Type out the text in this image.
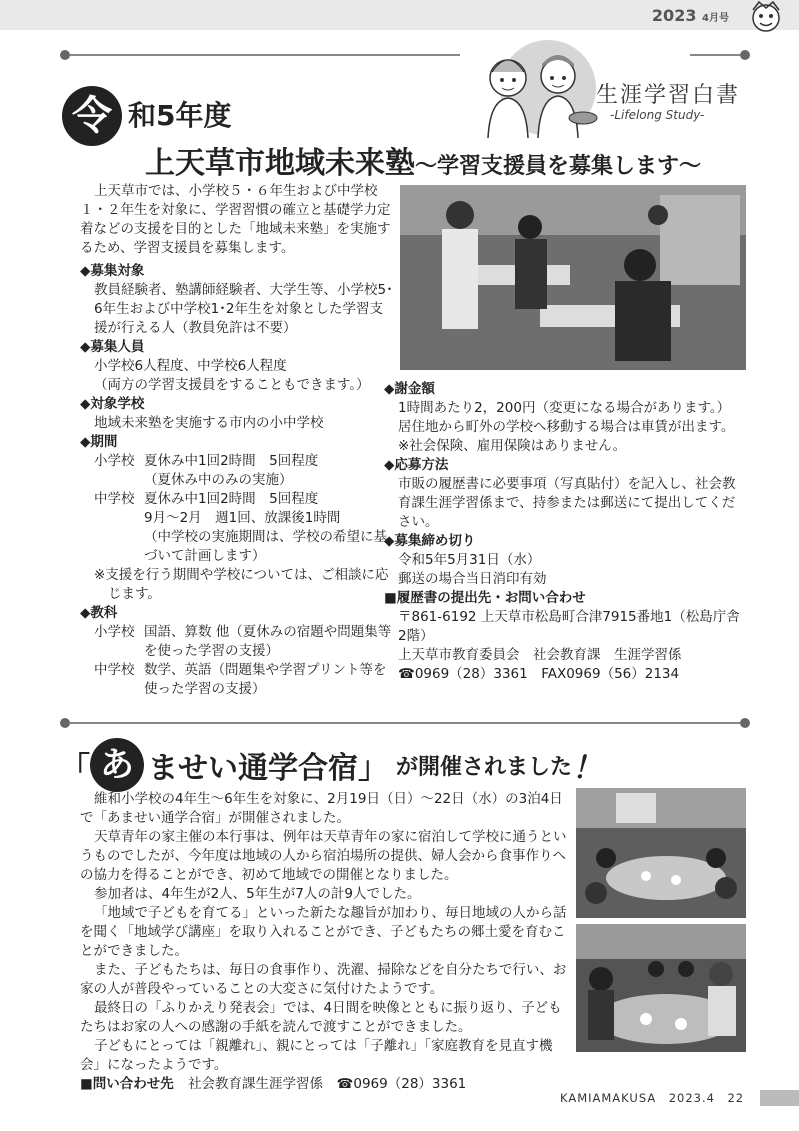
2023 4月号
生涯学習白書
-Lifelong Study-
令 和5年度
上天草市地域未来塾～学習支援員を募集します～
上天草市では、小学校５・６年生および中学校１・２年生を対象に、学習習慣の確立と基礎学力定着などの支援を目的とした「地域未来塾」を実施するため、学習支援員を募集します。
◆募集対象
教員経験者、塾講師経験者、大学生等、小学校5･6年生および中学校1･2年生を対象とした学習支援が行える人（教員免許は不要）
◆募集人員
小学校6人程度、中学校6人程度
（両方の学習支援員をすることもできます。）
◆対象学校
地域未来塾を実施する市内の小中学校
◆期間
小学校 夏休み中1回2時間　5回程度
（夏休み中のみの実施）
中学校 夏休み中1回2時間　5回程度
9月～2月　週1回、放課後1時間
（中学校の実施期間は、学校の希望に基づいて計画します）
※支援を行う期間や学校については、ご相談に応じます。
◆教科
小学校 国語、算数 他（夏休みの宿題や問題集等を使った学習の支援）
中学校 数学、英語（問題集や学習プリント等を使った学習の支援）
◆謝金額
1時間あたり2，200円（変更になる場合があります。）
居住地から町外の学校へ移動する場合は車賃が出ます。
※社会保険、雇用保険はありません。
◆応募方法
市販の履歴書に必要事項（写真貼付）を記入し、社会教育課生涯学習係まで、持参または郵送にて提出してください。
◆募集締め切り
令和5年5月31日（水）
郵送の場合当日消印有効
■履歴書の提出先・お問い合わせ
〒861-6192 上天草市松島町合津7915番地1（松島庁舎2階）
上天草市教育委員会　社会教育課　生涯学習係
☎0969（28）3361　FAX0969（56）2134
「 あ ませい通学合宿 」 が開催されました ！
維和小学校の4年生～6年生を対象に、2月19日（日）～22日（水）の3泊4日で「あませい通学合宿」が開催されました。
天草青年の家主催の本行事は、例年は天草青年の家に宿泊して学校に通うというものでしたが、今年度は地域の人から宿泊場所の提供、婦人会から食事作りへの協力を得ることができ、初めて地域での開催となりました。
参加者は、4年生が2人、5年生が7人の計9人でした。
「地域で子どもを育てる」といった新たな趣旨が加わり、毎日地域の人から話を聞く「地域学び講座」を取り入れることができ、子どもたちの郷土愛を育むことができました。
また、子どもたちは、毎日の食事作り、洗濯、掃除などを自分たちで行い、お家の人が普段やっていることの大変さに気付けたようです。
最終日の「ふりかえり発表会」では、4日間を映像とともに振り返り、子どもたちはお家の人への感謝の手紙を読んで渡すことができました。
子どもにとっては「親離れ」、親にとっては「子離れ」「家庭教育を見直す機会」になったようです。
■問い合わせ先 社会教育課生涯学習係　☎0969（28）3361
KAMIAMAKUSA　2023.4　22
